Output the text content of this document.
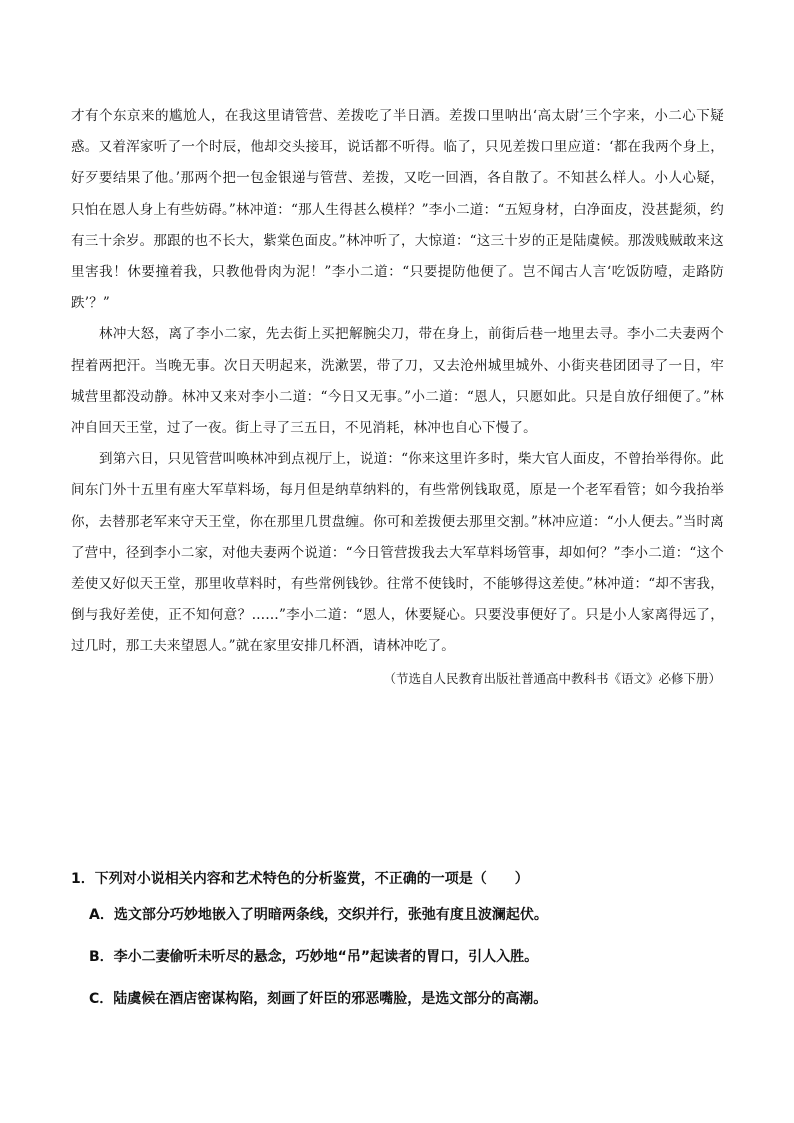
才有个东京来的尴尬人，在我这里请管营、差拨吃了半日酒。差拨口里呐出‘高太尉’三个字来，小二心下疑惑。又着浑家听了一个时辰，他却交头接耳，说话都不听得。临了，只见差拨口里应道：‘都在我两个身上，好歹要结果了他。’那两个把一包金银递与管营、差拨，又吃一回酒，各自散了。不知甚么样人。小人心疑，只怕在恩人身上有些妨碍。”林冲道：“那人生得甚么模样？”李小二道：“五短身材，白净面皮，没甚髭须，约有三十余岁。那跟的也不长大，紫棠色面皮。”林冲听了，大惊道：“这三十岁的正是陆虞候。那泼贱贼敢来这里害我！休要撞着我，只教他骨肉为泥！”李小二道：“只要提防他便了。岂不闻古人言‘吃饭防噎，走路防跌’？”

林冲大怒，离了李小二家，先去街上买把解腕尖刀，带在身上，前街后巷一地里去寻。李小二夫妻两个捏着两把汗。当晚无事。次日天明起来，洗漱罢，带了刀，又去沧州城里城外、小街夹巷团团寻了一日，牢城营里都没动静。林冲又来对李小二道：“今日又无事。”小二道：“恩人，只愿如此。只是自放仔细便了。”林冲自回天王堂，过了一夜。街上寻了三五日，不见消耗，林冲也自心下慢了。

到第六日，只见管营叫唤林冲到点视厅上，说道：“你来这里许多时，柴大官人面皮，不曾抬举得你。此间东门外十五里有座大军草料场，每月但是纳草纳料的，有些常例钱取觅，原是一个老军看管；如今我抬举你，去替那老军来守天王堂，你在那里几贯盘缠。你可和差拨便去那里交割。”林冲应道：“小人便去。”当时离了营中，径到李小二家，对他夫妻两个说道：“今日管营拨我去大军草料场管事，却如何？”李小二道：“这个差使又好似天王堂，那里收草料时，有些常例钱钞。往常不使钱时，不能够得这差使。”林冲道：“却不害我，倒与我好差使，正不知何意？……”李小二道：“恩人，休要疑心。只要没事便好了。只是小人家离得远了，过几时，那工夫来望恩人。”就在家里安排几杯酒，请林冲吃了。

（节选自人民教育出版社普通高中教科书《语文》必修下册）

1．下列对小说相关内容和艺术特色的分析鉴赏，不正确的一项是（　　）

A．选文部分巧妙地嵌入了明暗两条线，交织并行，张弛有度且波澜起伏。

B．李小二妻偷听未听尽的悬念，巧妙地“吊”起读者的胃口，引人入胜。

C．陆虞候在酒店密谋构陷，刻画了奸臣的邪恶嘴脸，是选文部分的高潮。
